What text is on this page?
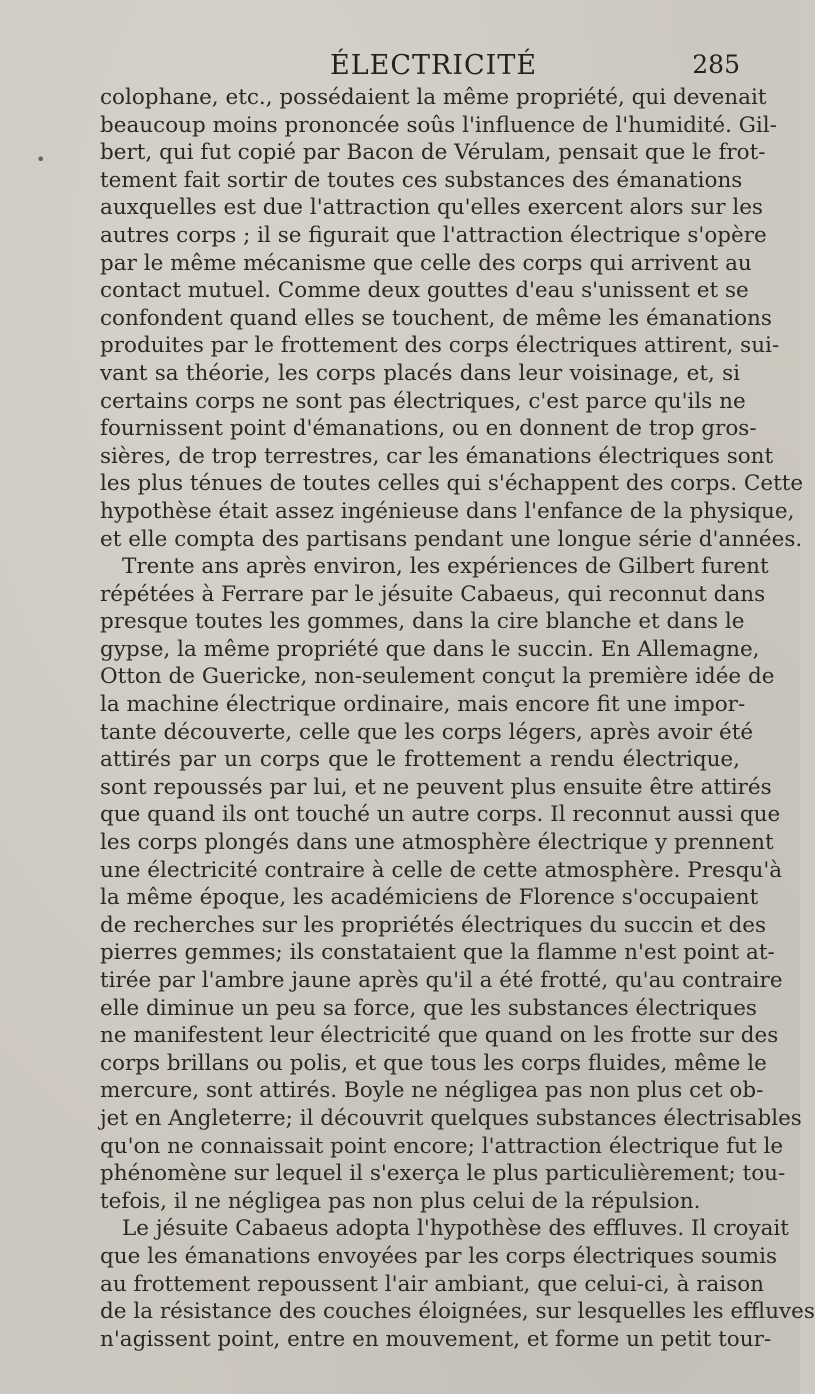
ÉLECTRICITÉ	285
•
colophane, etc., possédaient la même propriété, qui devenait
beaucoup moins prononcée soûs l'influence de l'humidité. Gil-
bert, qui fut copié par Bacon de Vérulam, pensait que le frot-
tement fait sortir de toutes ces substances des émanations
auxquelles est due l'attraction qu'elles exercent alors sur les
autres corps ; il se figurait que l'attraction électrique s'opère
par le même mécanisme que celle des corps qui arrivent au
contact mutuel. Comme deux gouttes d'eau s'unissent et se
confondent quand elles se touchent, de même les émanations
produites par le frottement des corps électriques attirent, sui-
vant sa théorie, les corps placés dans leur voisinage, et, si
certains corps ne sont pas électriques, c'est parce qu'ils ne
fournissent point d'émanations, ou en donnent de trop gros-
sières, de trop terrestres, car les émanations électriques sont
les plus ténues de toutes celles qui s'échappent des corps. Cette
hypothèse était assez ingénieuse dans l'enfance de la physique,
et elle compta des partisans pendant une longue série d'années.
Trente ans après environ, les expériences de Gilbert furent
répétées à Ferrare par le jésuite Cabaeus, qui reconnut dans
presque toutes les gommes, dans la cire blanche et dans le
gypse, la même propriété que dans le succin. En Allemagne,
Otton de Guericke, non-seulement conçut la première idée de
la machine électrique ordinaire, mais encore fit une impor-
tante découverte, celle que les corps légers, après avoir été
attirés par un corps que le frottement a rendu électrique,
sont repoussés par lui, et ne peuvent plus ensuite être attirés
que quand ils ont touché un autre corps. Il reconnut aussi que
les corps plongés dans une atmosphère électrique y prennent
une électricité contraire à celle de cette atmosphère. Presqu'à
la même époque, les académiciens de Florence s'occupaient
de recherches sur les propriétés électriques du succin et des
pierres gemmes; ils constataient que la flamme n'est point at-
tirée par l'ambre jaune après qu'il a été frotté, qu'au contraire
elle diminue un peu sa force, que les substances électriques
ne manifestent leur électricité que quand on les frotte sur des
corps brillans ou polis, et que tous les corps fluides, même le
mercure, sont attirés. Boyle ne négligea pas non plus cet ob-
jet en Angleterre; il découvrit quelques substances électrisables
qu'on ne connaissait point encore; l'attraction électrique fut le
phénomène sur lequel il s'exerça le plus particulièrement; tou-
tefois, il ne négligea pas non plus celui de la répulsion.
Le jésuite Cabaeus adopta l'hypothèse des effluves. Il croyait
que les émanations envoyées par les corps électriques soumis
au frottement repoussent l'air ambiant, que celui-ci, à raison
de la résistance des couches éloignées, sur lesquelles les effluves
n'agissent point, entre en mouvement, et forme un petit tour-
